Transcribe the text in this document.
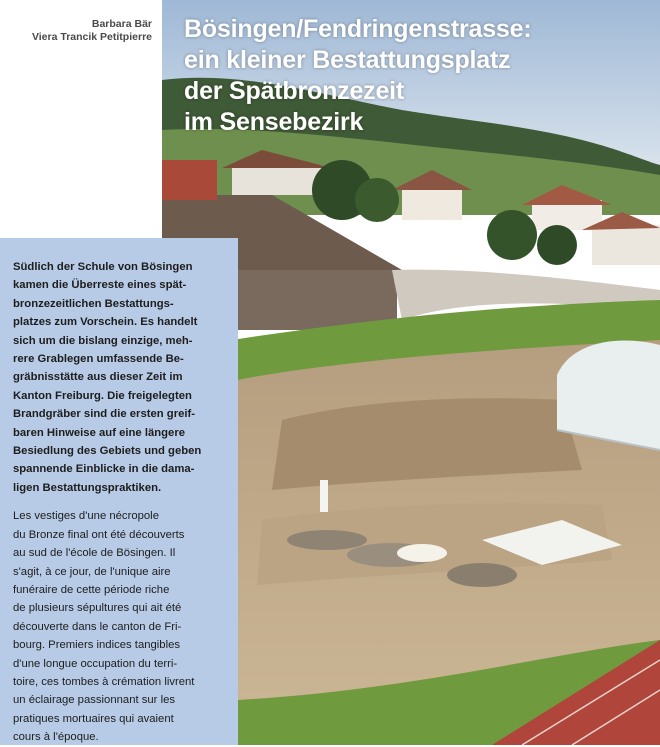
Barbara Bär
Viera Trancik Petitpierre Bösingen/Fendringenstrasse:
ein kleiner Bestattungsplatz
der Spätbronzezeit
im Sensebezirk

Südlich der Schule von Bösingen
kamen die Überreste eines spät-
bronzezeitlichen Bestattungs-
platzes zum Vorschein. Es handelt
sich um die bislang einzige, meh-
rere Grablegen umfassende Be-
gräbnisstätte aus dieser Zeit im
Kanton Freiburg. Die freigelegten
Brandgräber sind die ersten greif-
baren Hinweise auf eine längere
Besiedlung des Gebiets und geben
spannende Einblicke in die dama-
ligen Bestattungspraktiken.

Les vestiges d'une nécropole
du Bronze final ont été découverts
au sud de l'école de Bösingen. Il
s'agit, à ce jour, de l'unique aire
funéraire de cette période riche
de plusieurs sépultures qui ait été
découverte dans le canton de Fri-
bourg. Premiers indices tangibles
d'une longue occupation du terri-
toire, ces tombes à crémation livrent
un éclairage passionnant sur les
pratiques mortuaires qui avaient
cours à l'époque.
